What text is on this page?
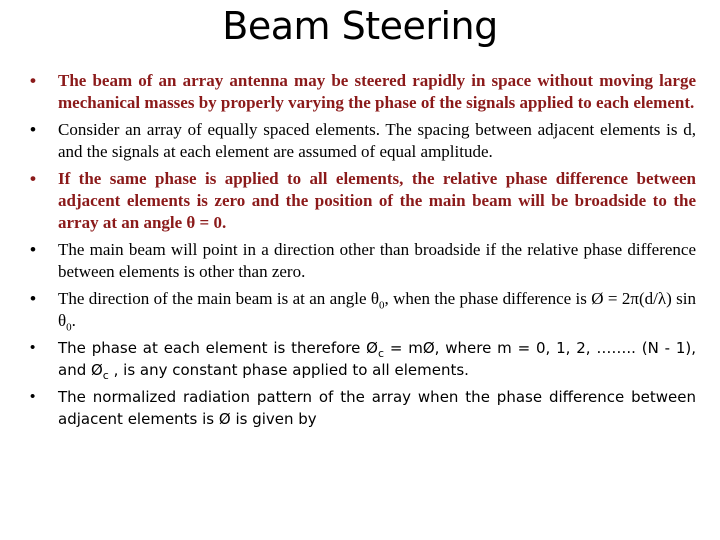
Beam Steering
• The beam of an array antenna may be steered rapidly in space without moving large mechanical masses by properly varying the phase of the signals applied to each element.
• Consider an array of equally spaced elements. The spacing between adjacent elements is d, and the signals at each element are assumed of equal amplitude.
• If the same phase is applied to all elements, the relative phase difference between adjacent elements is zero and the position of the main beam will be broadside to the array at an angle θ = 0.
• The main beam will point in a direction other than broadside if the relative phase difference between elements is other than zero.
• The direction of the main beam is at an angle $\theta_0$, when the phase difference is Ø = 2π(d/λ) $\sin \theta_0$.
• The phase at each element is therefore $Ø_c$ = mØ, where m = 0, 1, 2, …….. (N - 1), and $Ø_c$ , is any constant phase applied to all elements.
• The normalized radiation pattern of the array when the phase difference between adjacent elements is Ø is given by
